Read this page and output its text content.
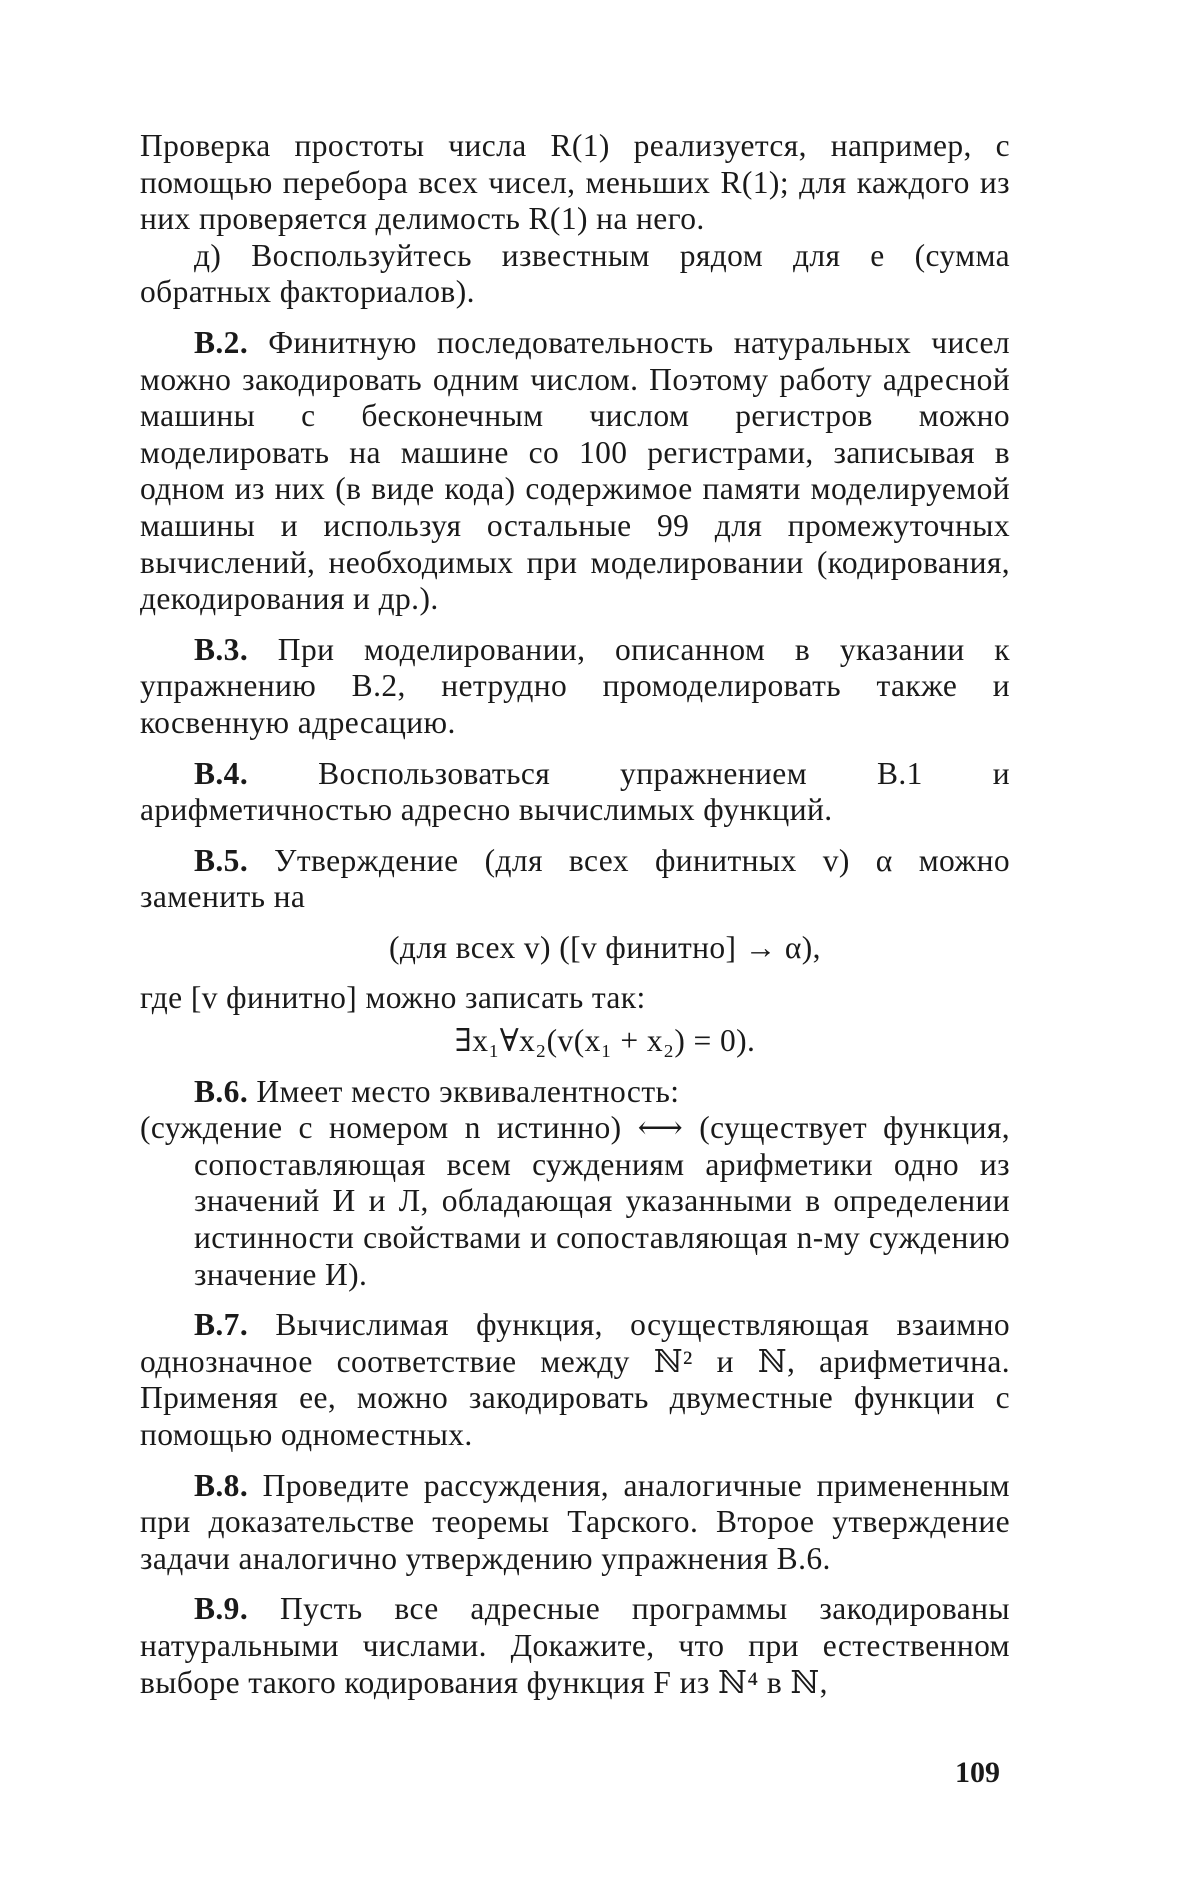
Проверка простоты числа R(1) реализуется, например, с помощью перебора всех чисел, меньших R(1); для каждого из них проверяется делимость R(1) на него.

д) Воспользуйтесь известным рядом для e (сумма обратных факториалов).

В.2. Финитную последовательность натуральных чисел можно закодировать одним числом. Поэтому работу адресной машины с бесконечным числом регистров можно моделировать на машине со 100 регистрами, записывая в одном из них (в виде кода) содержимое памяти моделируемой машины и используя остальные 99 для промежуточных вычислений, необходимых при моделировании (кодирования, декодирования и др.).

В.3. При моделировании, описанном в указании к упражнению В.2, нетрудно промоделировать также и косвенную адресацию.

В.4. Воспользоваться упражнением В.1 и арифметичностью адресно вычислимых функций.

В.5. Утверждение (для всех финитных v) α можно заменить на

(для всех v) ([v финитно] → α),

где [v финитно] можно записать так:

∃x₁∀x₂(v(x₁ + x₂) = 0).

В.6. Имеет место эквивалентность:

(суждение с номером n истинно) ⟷ (существует функция, сопоставляющая всем суждениям арифметики одно из значений И и Л, обладающая указанными в определении истинности свойствами и сопоставляющая n-му суждению значение И).

В.7. Вычислимая функция, осуществляющая взаимно однозначное соответствие между ℕ² и ℕ, арифметична. Применяя ее, можно закодировать двуместные функции с помощью одноместных.

В.8. Проведите рассуждения, аналогичные примененным при доказательстве теоремы Тарского. Второе утверждение задачи аналогично утверждению упражнения В.6.

В.9. Пусть все адресные программы закодированы натуральными числами. Докажите, что при естественном выборе такого кодирования функция F из ℕ⁴ в ℕ,

109
